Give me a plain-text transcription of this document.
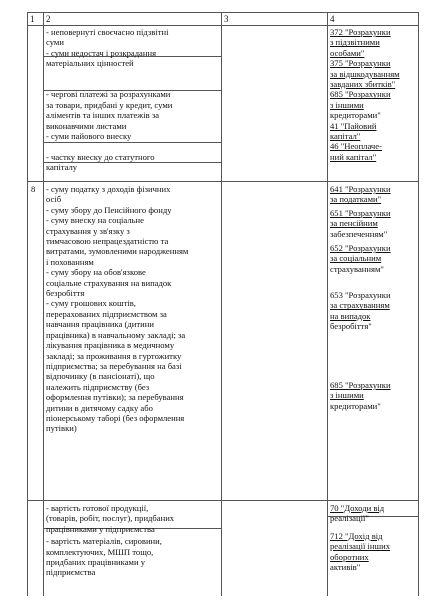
1 2	3	4
- неповернуті своєчасно підзвітні
суми
- суми недостач і розкрадання
матеріальних цінностей
- чергові платежі за розрахунками
за товари, придбані у кредит, суми
аліментів та інших платежів за
виконавчими листами
- суми пайового внеску
- частку внеску до статутного
капіталу
372 "Розрахунки
з підзвітними
особами"
375 "Розрахунки
за відшкодуванням
завданих збитків"
685 "Розрахунки
з іншими
кредиторами"
41 "Пайовий
капітал"
46 "Неоплаче-
ний капітал"
8 - суму податку з доходів фізичних
осіб
- суму збору до Пенсійного фонду
- суму внеску на соціальне
страхування у зв'язку з
тимчасовою непрацездатністю та
витратами, зумовленими народженням
і похованням
- суму збору на обов'язкове
соціальне страхування на випадок
безробіття
- суму грошових коштів,
перерахованих підприємством за
навчання працівника (дитини
працівника) в навчальному закладі; за
лікування працівника в медичному
закладі; за проживання в гуртожитку
підприємства; за перебування на базі
відпочинку (в пансіонаті), що
належить підприємству (без
оформлення путівки); за перебування
дитини в дитячому садку або
піонерському таборі (без оформлення
путівки)
641 "Розрахунки
за податками"
651 "Розрахунки
за пенсійним
забезпеченням"
652 "Розрахунки
за соціальним
страхуванням"
653 "Розрахунки
за страхуванням
на випадок
безробіття"
685 "Розрахунки
з іншими
кредиторами"
- вартість готової продукції,
(товарів, робіт, послуг), придбаних
працівниками у підприємства
- вартість матеріалів, сировини,
комплектуючих, МШП тощо,
придбаних працівниками у
підприємства
70 "Доходи від
реалізації"
712 "Дохід від
реалізації інших
оборотних
активів"
